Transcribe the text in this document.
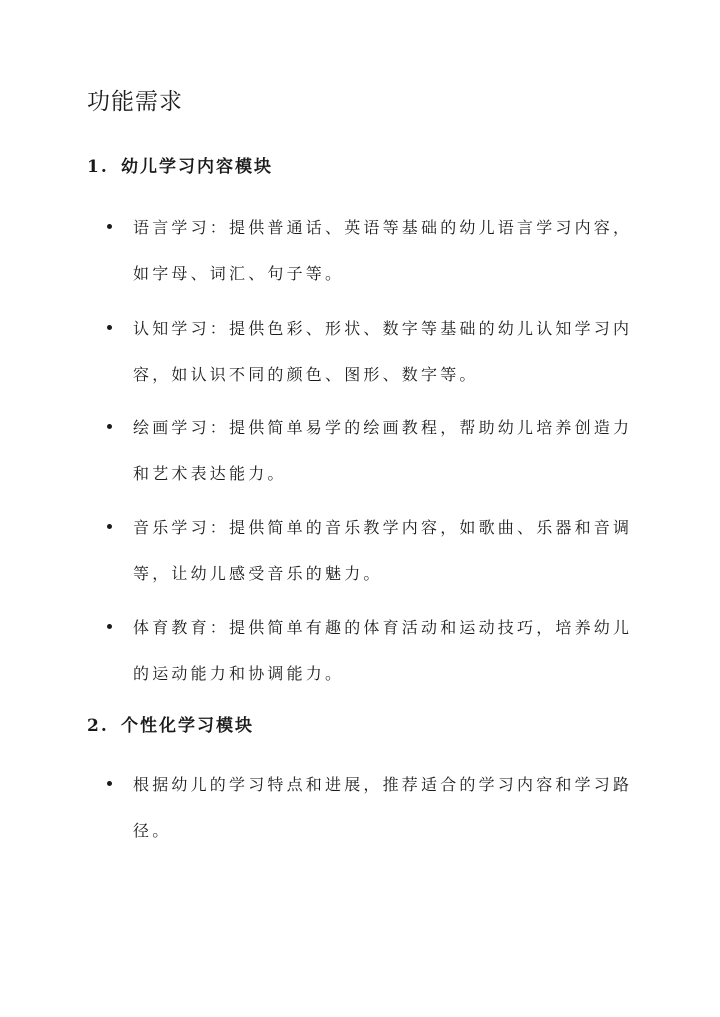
功能需求
1. 幼儿学习内容模块
语言学习：提供普通话、英语等基础的幼儿语言学习内容，
如字母、词汇、句子等。
认知学习：提供色彩、形状、数字等基础的幼儿认知学习内
容，如认识不同的颜色、图形、数字等。
绘画学习：提供简单易学的绘画教程，帮助幼儿培养创造力
和艺术表达能力。
音乐学习：提供简单的音乐教学内容，如歌曲、乐器和音调
等，让幼儿感受音乐的魅力。
体育教育：提供简单有趣的体育活动和运动技巧，培养幼儿
的运动能力和协调能力。
2. 个性化学习模块
根据幼儿的学习特点和进展，推荐适合的学习内容和学习路
径。
